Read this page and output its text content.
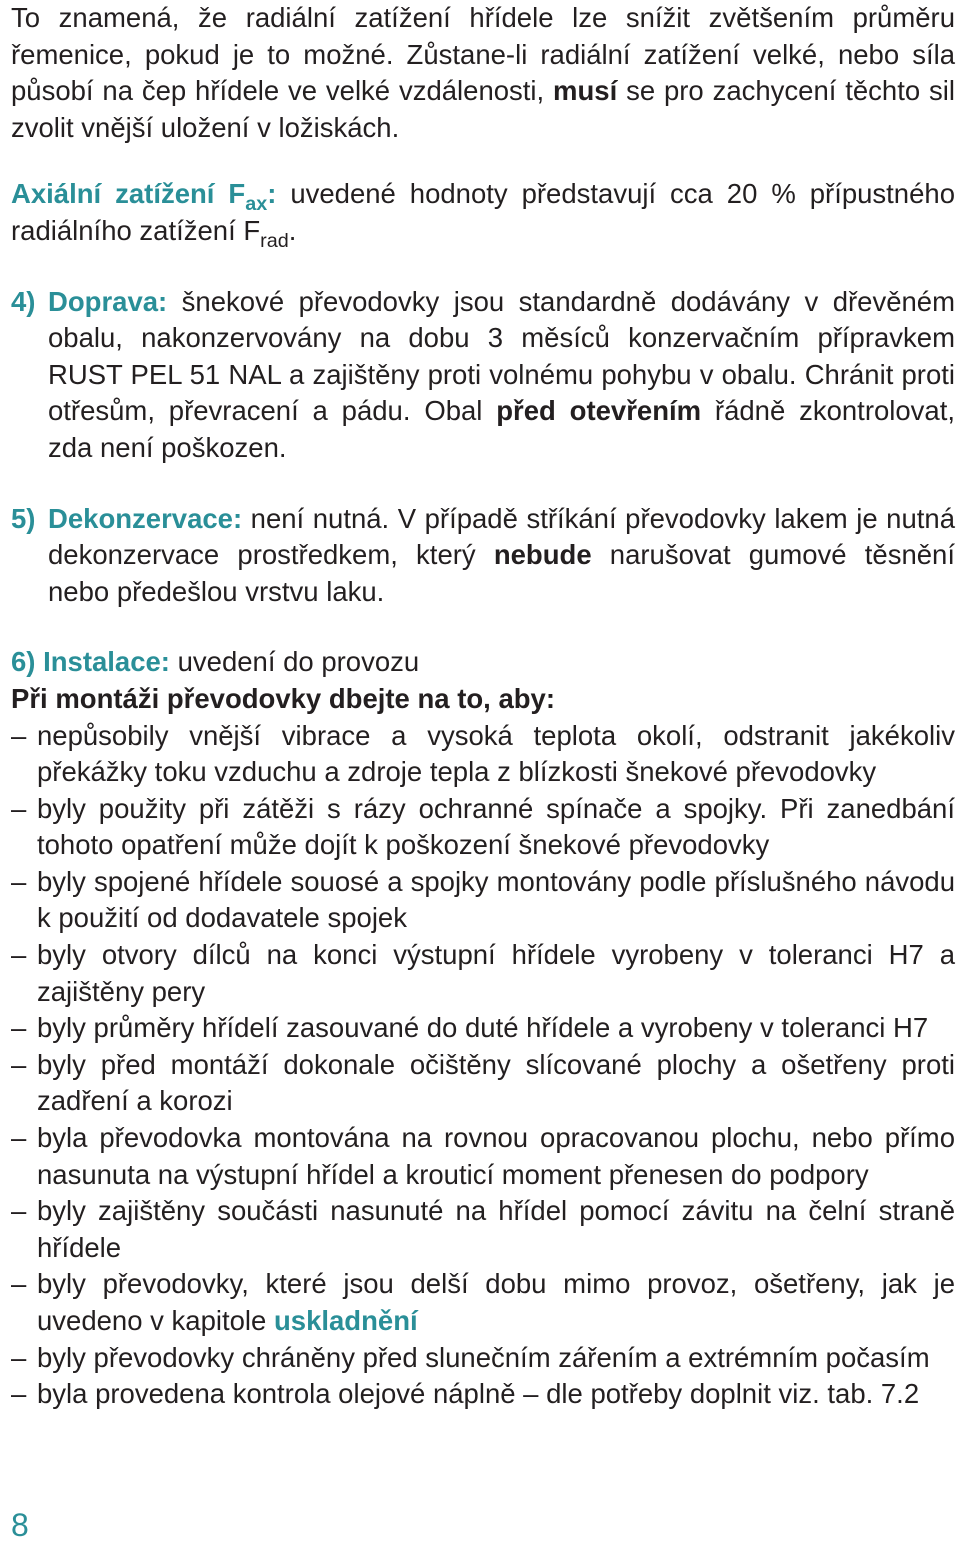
To znamená, že radiální zatížení hřídele lze snížit zvětšením průměru řemenice, pokud je to možné. Zůstane-li radiální zatížení velké, nebo síla působí na čep hřídele ve velké vzdálenosti, musí se pro zachycení těchto sil zvolit vnější uložení v ložiskách.

Axiální zatížení $F_{ax}$: uvedené hodnoty představují cca 20 % přípustného radiálního zatížení $F_{rad}$.

4) Doprava: šnekové převodovky jsou standardně dodávány v dřevěném obalu, nakonzervovány na dobu 3 měsíců konzervačním přípravkem RUST PEL 51 NAL a zajištěny proti volnému pohybu v obalu. Chránit proti otřesům, převracení a pádu. Obal před otevřením řádně zkontrolovat, zda není poškozen.

5) Dekonzervace: není nutná. V případě stříkání převodovky lakem je nutná dekonzervace prostředkem, který nebude narušovat gumové těsnění nebo předešlou vrstvu laku.

6) Instalace: uvedení do provozu

Při montáži převodovky dbejte na to, aby:

– nepůsobily vnější vibrace a vysoká teplota okolí, odstranit jakékoliv překážky toku vzduchu a zdroje tepla z blízkosti šnekové převodovky
– byly použity při zátěži s rázy ochranné spínače a spojky. Při zanedbání tohoto opatření může dojít k poškození šnekové převodovky
– byly spojené hřídele souosé a spojky montovány podle příslušného návodu k použití od dodavatele spojek
– byly otvory dílců na konci výstupní hřídele vyrobeny v toleranci H7 a zajištěny pery
– byly průměry hřídelí zasouvané do duté hřídele a vyrobeny v toleranci H7
– byly před montáží dokonale očištěny slícované plochy a ošetřeny proti zadření a korozi
– byla převodovka montována na rovnou opracovanou plochu, nebo přímo nasunuta na výstupní hřídel a krouticí moment přenesen do podpory
– byly zajištěny součásti nasunuté na hřídel pomocí závitu na čelní straně hřídele
– byly převodovky, které jsou delší dobu mimo provoz, ošetřeny, jak je uvedeno v kapitole uskladnění
– byly převodovky chráněny před slunečním zářením a extrémním počasím
– byla provedena kontrola olejové náplně – dle potřeby doplnit viz. tab. 7.2
8
